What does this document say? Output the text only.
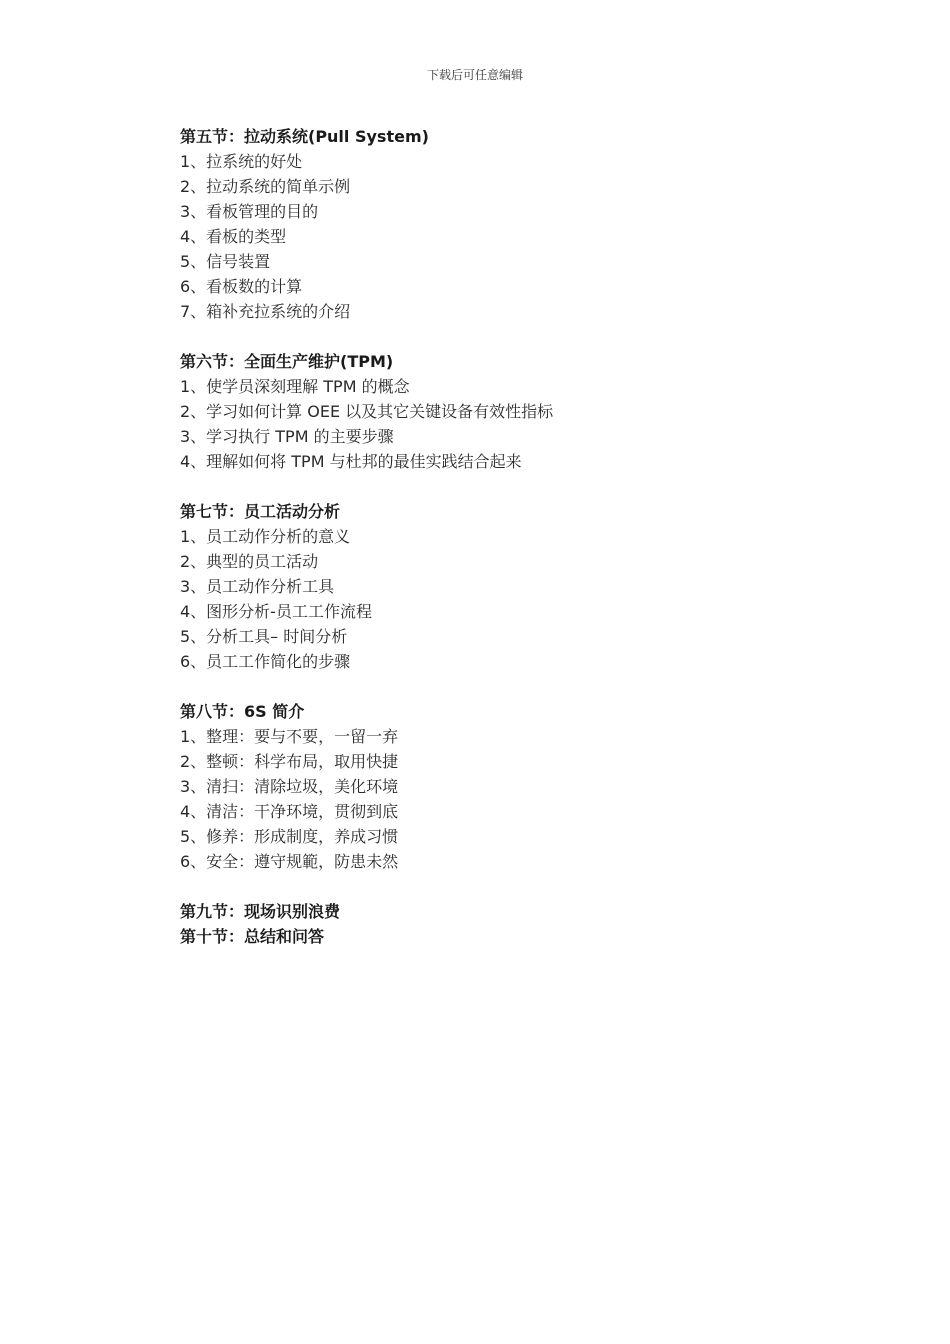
下载后可任意编辑
第五节：拉动系统(Pull System)
1、拉系统的好处
2、拉动系统的简单示例
3、看板管理的目的
4、看板的类型
5、信号装置
6、看板数的计算
7、箱补充拉系统的介绍
第六节：全面生产维护(TPM)
1、使学员深刻理解 TPM 的概念
2、学习如何计算 OEE 以及其它关键设备有效性指标
3、学习执行 TPM 的主要步骤
4、理解如何将 TPM 与杜邦的最佳实践结合起来
第七节：员工活动分析
1、员工动作分析的意义
2、典型的员工活动
3、员工动作分析工具
4、图形分析-员工工作流程
5、分析工具– 时间分析
6、员工工作简化的步骤
第八节：6S 简介
1、整理：要与不要，一留一弃
2、整顿：科学布局，取用快捷
3、清扫：清除垃圾，美化环境
4、清洁：干净环境，贯彻到底
5、修养：形成制度，养成习惯
6、安全：遵守规範，防患未然
第九节：现场识别浪费
第十节：总结和问答
